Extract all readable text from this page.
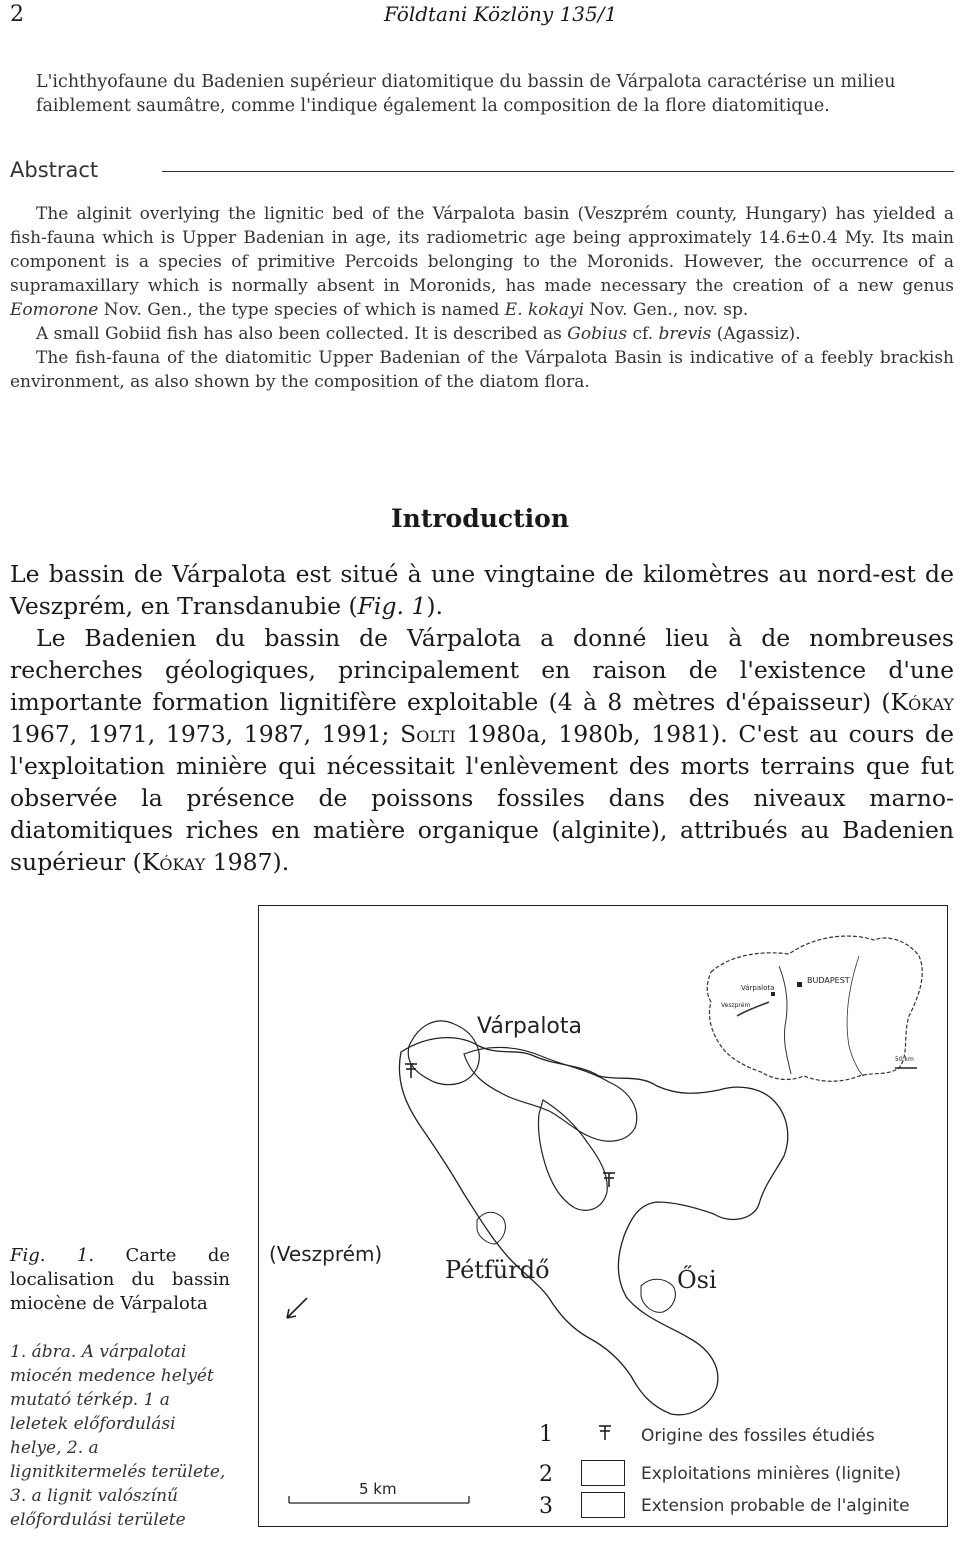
2	Földtani Közlöny 135/1
L'ichthyofaune du Badenien supérieur diatomitique du bassin de Várpalota caractérise un milieu faiblement saumâtre, comme l'indique également la composition de la flore diatomitique.
Abstract

The alginit overlying the lignitic bed of the Várpalota basin (Veszprém county, Hungary) has yielded a fish-fauna which is Upper Badenian in age, its radiometric age being approximately 14.6±0.4 My. Its main component is a species of primitive Percoids belonging to the Moronids. However, the occurrence of a supramaxillary which is normally absent in Moronids, has made necessary the creation of a new genus Eomorone Nov. Gen., the type species of which is named E. kokayi Nov. Gen., nov. sp.

A small Gobiid fish has also been collected. It is described as Gobius cf. brevis (Agassiz).

The fish-fauna of the diatomitic Upper Badenian of the Várpalota Basin is indicative of a feebly brackish environment, as also shown by the composition of the diatom flora.

Introduction

Le bassin de Várpalota est situé à une vingtaine de kilomètres au nord-est de Veszprém, en Transdanubie (Fig. 1).

Le Badenien du bassin de Várpalota a donné lieu à de nombreuses recherches géologiques, principalement en raison de l'existence d'une importante formation lignitifère exploitable (4 à 8 mètres d'épaisseur) (Kókay 1967, 1971, 1973, 1987, 1991; Solti 1980a, 1980b, 1981). C'est au cours de l'exploitation minière qui nécessitait l'enlèvement des morts terrains que fut observée la présence de poissons fossiles dans des niveaux marno-diatomitiques riches en matière organique (alginite), attribués au Badenien supérieur (Kókay 1987).

Fig. 1. Carte de localisation du bassin miocène de Várpalota
1. ábra. A várpalotai miocén medence helyét mutató térkép. 1 a leletek előfordulási helye, 2. a lignitkitermelés területe, 3. a lignit valószínű előfordulási területe
Várpalota
(Veszprém)
Pétfürdő	Ősi
BUDAPEST
Várpalota
Veszprém
50 km
5 km
1	Origine des fossiles étudiés
2	Exploitations minières (lignite)
3	Extension probable de l'alginite
